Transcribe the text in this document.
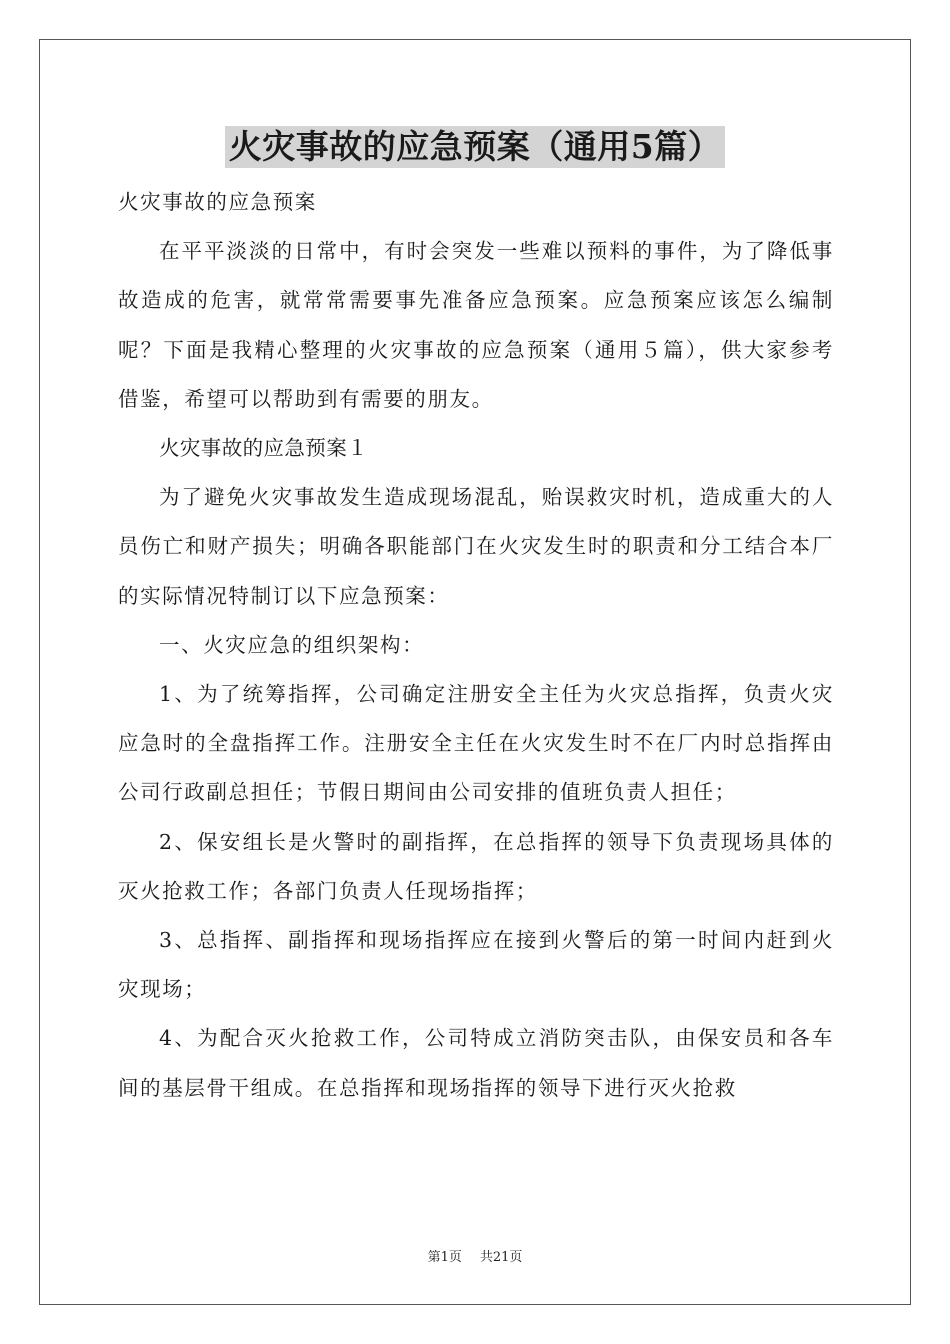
火灾事故的应急预案（通用5篇）

火灾事故的应急预案

在平平淡淡的日常中，有时会突发一些难以预料的事件，为了降低事故造成的危害，就常常需要事先准备应急预案。应急预案应该怎么编制呢？下面是我精心整理的火灾事故的应急预案（通用５篇），供大家参考借鉴，希望可以帮助到有需要的朋友。

火灾事故的应急预案１

为了避免火灾事故发生造成现场混乱，贻误救灾时机，造成重大的人员伤亡和财产损失；明确各职能部门在火灾发生时的职责和分工结合本厂的实际情况特制订以下应急预案：

一、火灾应急的组织架构：

1、为了统筹指挥，公司确定注册安全主任为火灾总指挥，负责火灾应急时的全盘指挥工作。注册安全主任在火灾发生时不在厂内时总指挥由公司行政副总担任；节假日期间由公司安排的值班负责人担任；

2、保安组长是火警时的副指挥，在总指挥的领导下负责现场具体的灭火抢救工作；各部门负责人任现场指挥；

3、总指挥、副指挥和现场指挥应在接到火警后的第一时间内赶到火灾现场；

4、为配合灭火抢救工作，公司特成立消防突击队，由保安员和各车间的基层骨干组成。在总指挥和现场指挥的领导下进行灭火抢救

第1页 共21页
